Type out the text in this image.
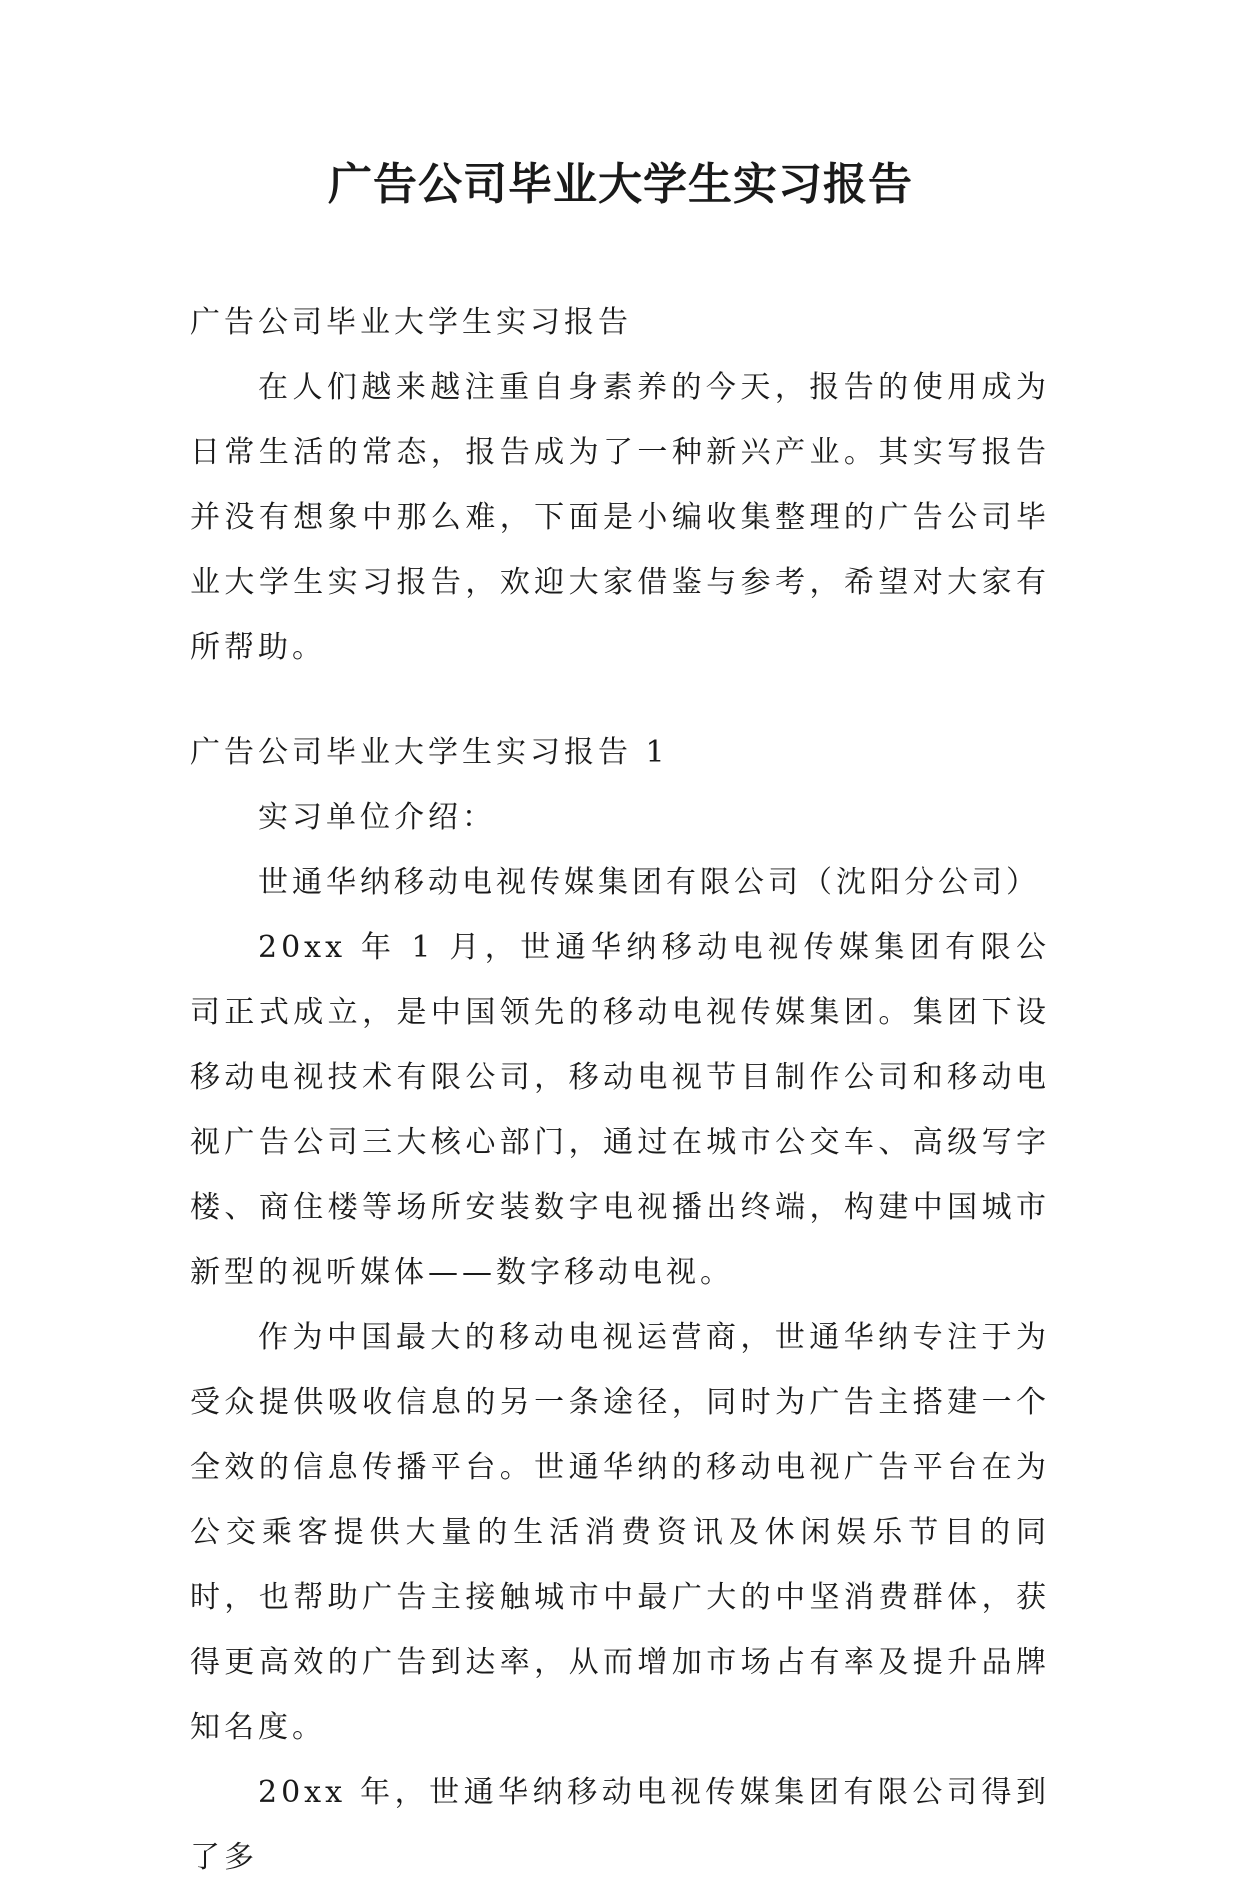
广告公司毕业大学生实习报告

广告公司毕业大学生实习报告

在人们越来越注重自身素养的今天，报告的使用成为日常生活的常态，报告成为了一种新兴产业。其实写报告并没有想象中那么难，下面是小编收集整理的广告公司毕业大学生实习报告，欢迎大家借鉴与参考，希望对大家有所帮助。

广告公司毕业大学生实习报告 1

实习单位介绍：

世通华纳移动电视传媒集团有限公司（沈阳分公司）

20xx 年 1 月，世通华纳移动电视传媒集团有限公司正式成立，是中国领先的移动电视传媒集团。集团下设移动电视技术有限公司，移动电视节目制作公司和移动电视广告公司三大核心部门，通过在城市公交车、高级写字楼、商住楼等场所安装数字电视播出终端，构建中国城市新型的视听媒体——数字移动电视。

作为中国最大的移动电视运营商，世通华纳专注于为受众提供吸收信息的另一条途径，同时为广告主搭建一个全效的信息传播平台。世通华纳的移动电视广告平台在为公交乘客提供大量的生活消费资讯及休闲娱乐节目的同时，也帮助广告主接触城市中最广大的中坚消费群体，获得更高效的广告到达率，从而增加市场占有率及提升品牌知名度。

20xx 年，世通华纳移动电视传媒集团有限公司得到了多
